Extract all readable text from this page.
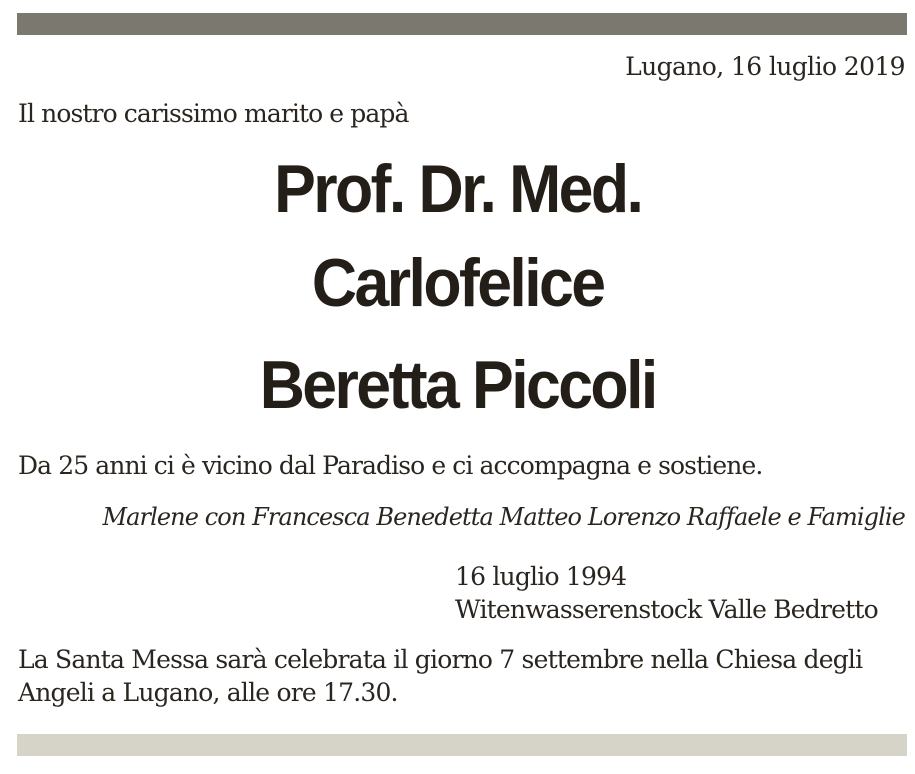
Lugano, 16 luglio 2019
Il nostro carissimo marito e papà
Prof. Dr. Med.
Carlofelice
Beretta Piccoli
Da 25 anni ci è vicino dal Paradiso e ci accompagna e sostiene.
Marlene con Francesca Benedetta Matteo Lorenzo Raffaele e Famiglie
16 luglio 1994
Witenwasserenstock Valle Bedretto
La Santa Messa sarà celebrata il giorno 7 settembre nella Chiesa degli
Angeli a Lugano, alle ore 17.30.
